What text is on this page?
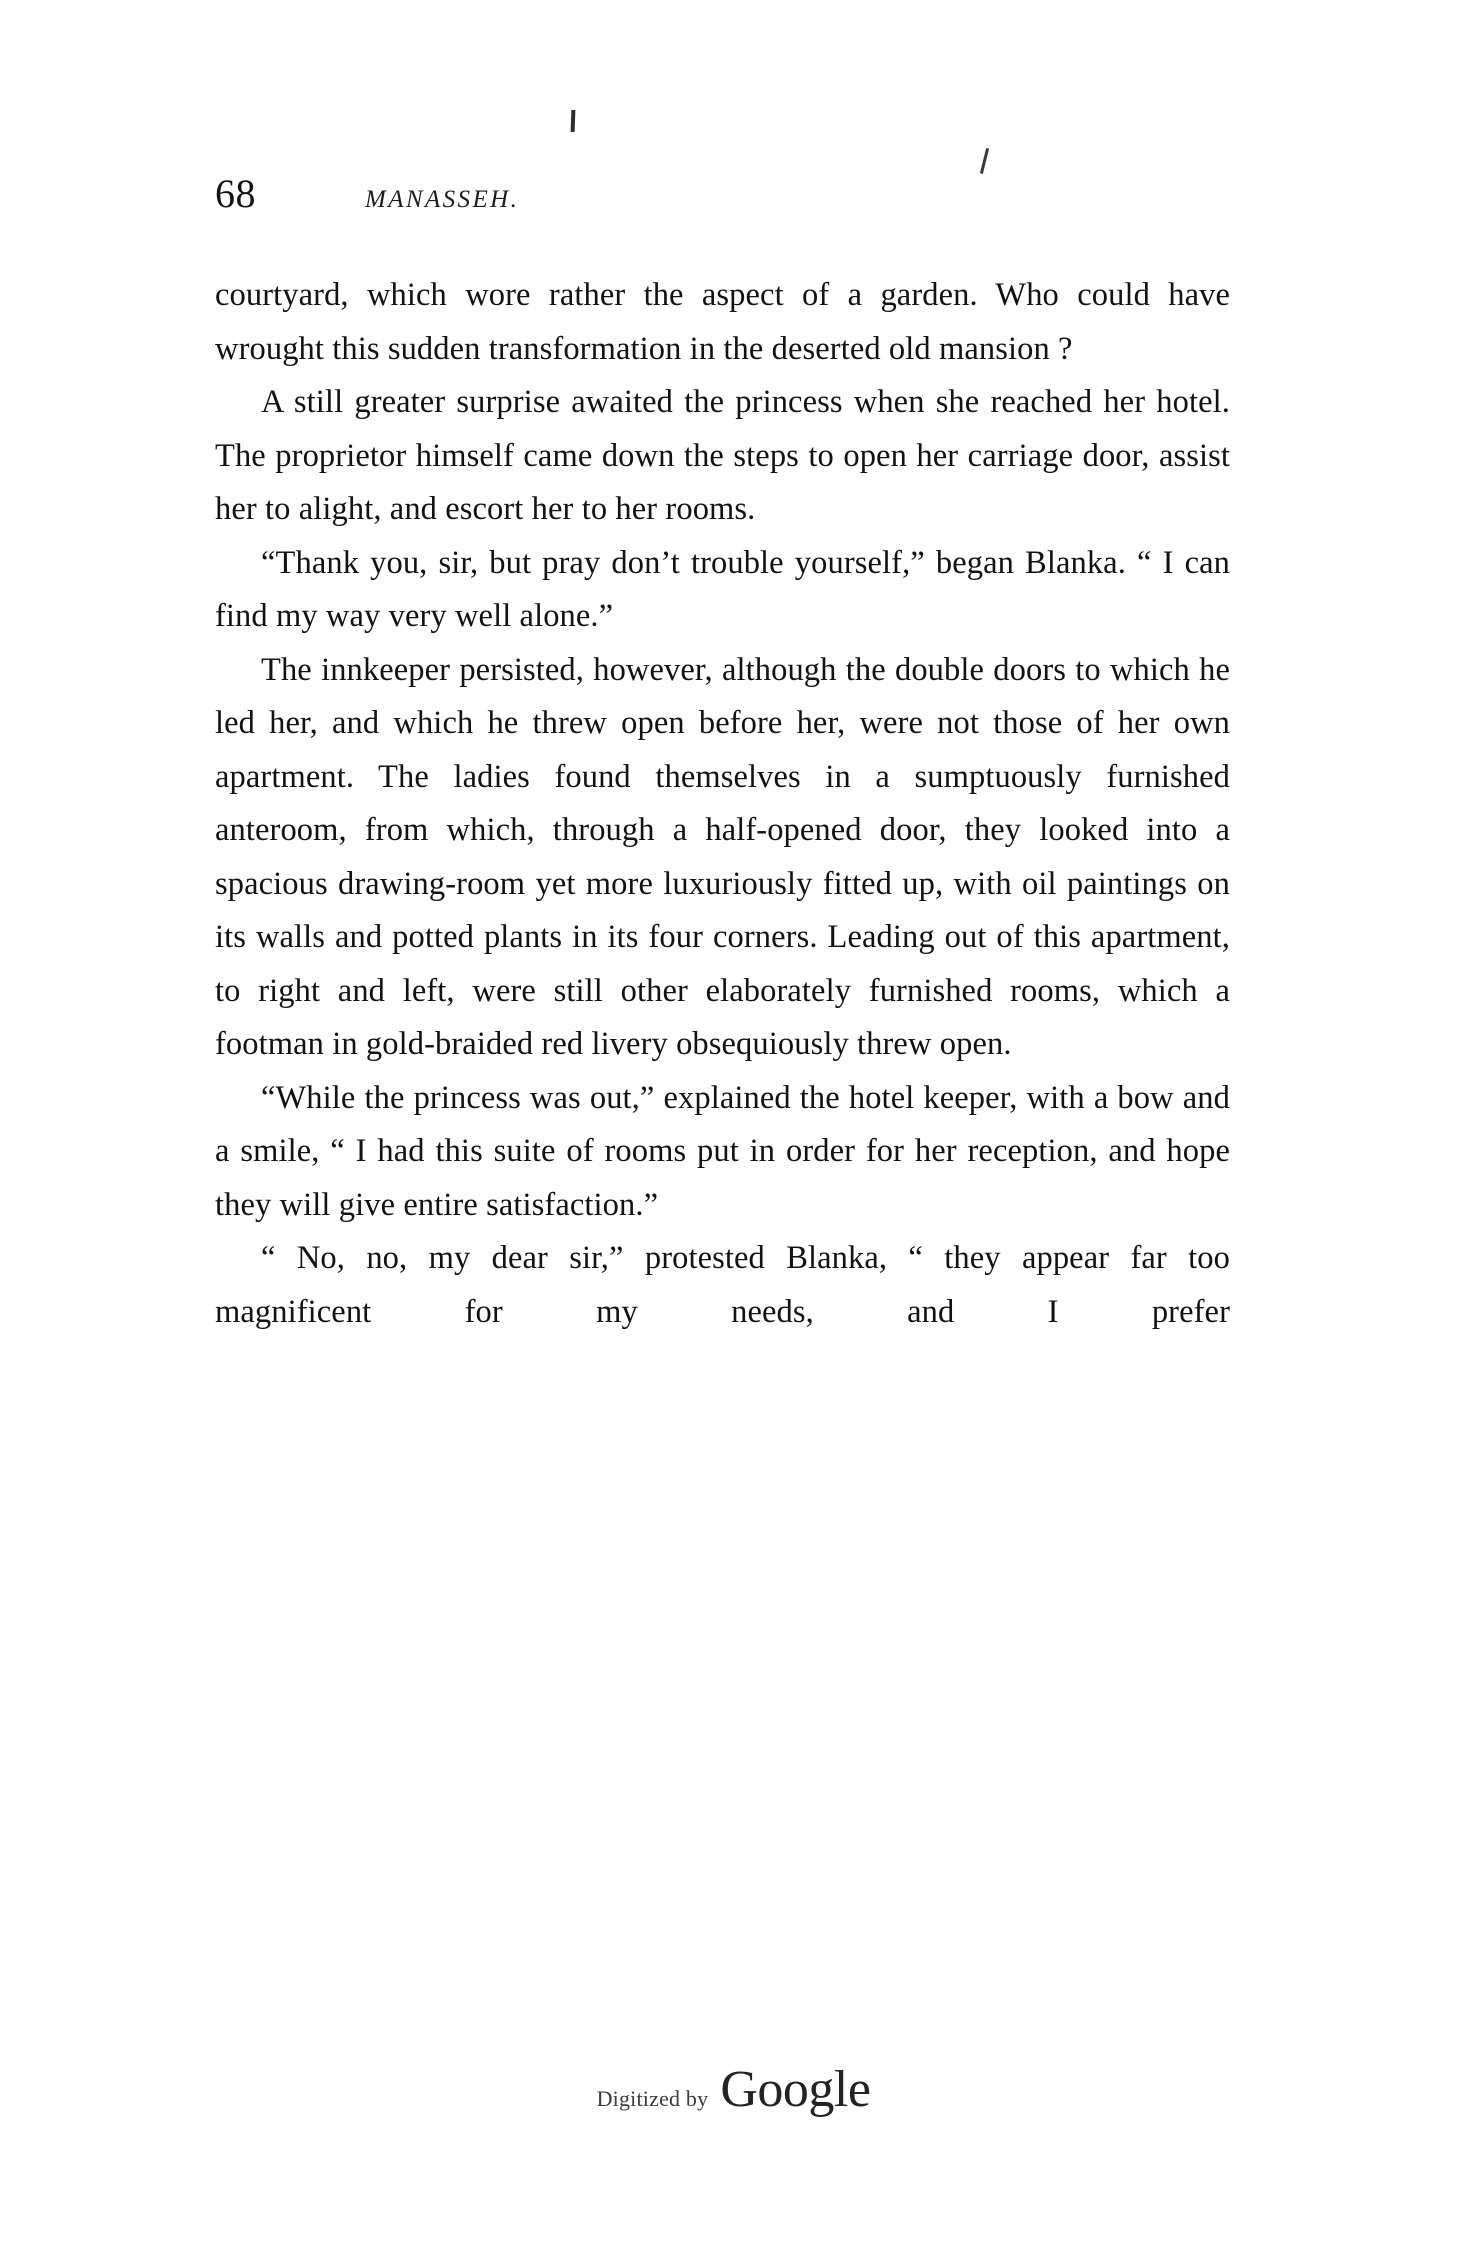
68	MANASSEH.

courtyard, which wore rather the aspect of a garden. Who could have wrought this sudden transformation in the deserted old mansion ?

A still greater surprise awaited the princess when she reached her hotel. The proprietor himself came down the steps to open her carriage door, assist her to alight, and escort her to her rooms.

“Thank you, sir, but pray don’t trouble yourself,” began Blanka. “ I can find my way very well alone.”

The innkeeper persisted, however, although the double doors to which he led her, and which he threw open before her, were not those of her own apartment. The ladies found themselves in a sumptuously furnished anteroom, from which, through a half-opened door, they looked into a spacious drawing-room yet more luxuriously fitted up, with oil paintings on its walls and potted plants in its four corners. Leading out of this apartment, to right and left, were still other elaborately furnished rooms, which a footman in gold-braided red livery obsequiously threw open.

“While the princess was out,” explained the hotel keeper, with a bow and a smile, “ I had this suite of rooms put in order for her reception, and hope they will give entire satisfaction.”

“ No, no, my dear sir,” protested Blanka, “ they appear far too magnificent for my needs, and I prefer

Digitized by Google
